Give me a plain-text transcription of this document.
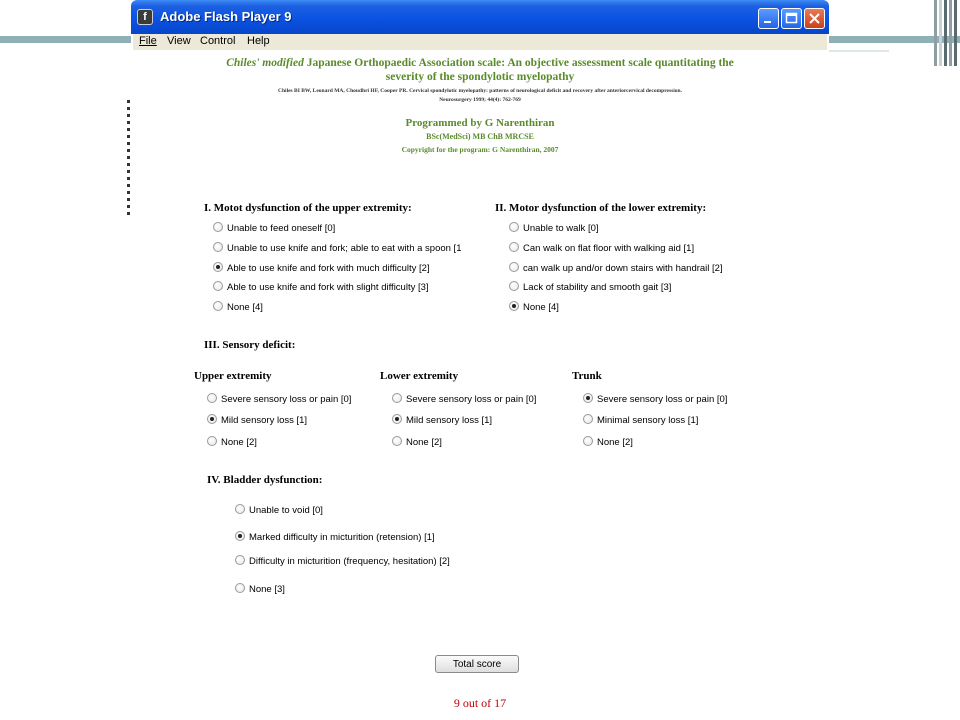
f	Adobe Flash Player 9
File View Control Help
Chiles' modified Japanese Orthopaedic Association scale: An objective assessment scale quantitating the
severity of the spondylotic myelopathy
Chiles BI BW, Leonard MA, Choudhri HF, Cooper PR. Cervical spondylotic myelopathy: patterns of neurological deficit and recovery after anteriorcervical decompression.
Neurosurgery 1999; 44(4): 762-769
Programmed by G Narenthiran
BSc(MedSci) MB ChB MRCSE
Copyright for the program: G Narenthiran, 2007
I. Motot dysfunction of the upper extremity:
Unable to feed oneself [0]
Unable to use knife and fork; able to eat with a spoon [1
Able to use knife and fork with much difficulty [2]
Able to use knife and fork with slight difficulty [3]
None [4]
II. Motor dysfunction of the lower extremity:
Unable to walk [0]
Can walk on flat floor with walking aid [1]
can walk up and/or down stairs with handrail [2]
Lack of stability and smooth gait [3]
None [4]
III. Sensory deficit:
Upper extremity
Severe sensory loss or pain [0]
Mild sensory loss [1]
None [2]
Lower extremity
Severe sensory loss or pain [0]
Mild sensory loss [1]
None [2]
Trunk
Severe sensory loss or pain [0]
Minimal sensory loss [1]
None [2]
IV. Bladder dysfunction:
Unable to void [0]
Marked difficulty in micturition (retension) [1]
Difficulty in micturition (frequency, hesitation) [2]
None [3]
Total score
9 out of 17
